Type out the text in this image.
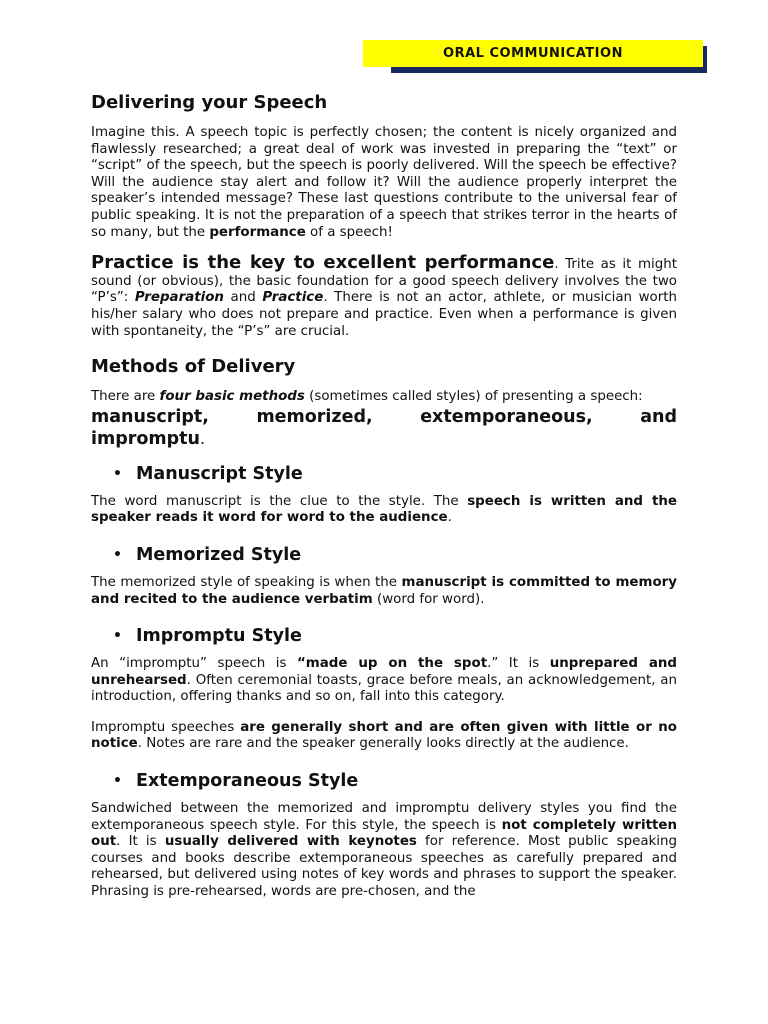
ORAL COMMUNICATION
Delivering your Speech

Imagine this. A speech topic is perfectly chosen; the content is nicely organized and flawlessly researched; a great deal of work was invested in preparing the “text” or “script” of the speech, but the speech is poorly delivered. Will the speech be effective? Will the audience stay alert and follow it? Will the audience properly interpret the speaker’s intended message? These last questions contribute to the universal fear of public speaking. It is not the preparation of a speech that strikes terror in the hearts of so many, but the performance of a speech!

Practice is the key to excellent performance. Trite as it might sound (or obvious), the basic foundation for a good speech delivery involves the two “P’s”: Preparation and Practice. There is not an actor, athlete, or musician worth his/her salary who does not prepare and practice. Even when a performance is given with spontaneity, the “P’s” are crucial.

Methods of Delivery

There are four basic methods (sometimes called styles) of presenting a speech:

manuscript, memorized, extemporaneous, and
impromptu.
• Manuscript Style

The word manuscript is the clue to the style. The speech is written and the speaker reads it word for word to the audience.

• Memorized Style

The memorized style of speaking is when the manuscript is committed to memory and recited to the audience verbatim (word for word).

• Impromptu Style

An “impromptu” speech is “made up on the spot.” It is unprepared and unrehearsed. Often ceremonial toasts, grace before meals, an acknowledgement, an introduction, offering thanks and so on, fall into this category.

Impromptu speeches are generally short and are often given with little or no notice. Notes are rare and the speaker generally looks directly at the audience.

• Extemporaneous Style

Sandwiched between the memorized and impromptu delivery styles you find the extemporaneous speech style. For this style, the speech is not completely written out. It is usually delivered with keynotes for reference. Most public speaking courses and books describe extemporaneous speeches as carefully prepared and rehearsed, but delivered using notes of key words and phrases to support the speaker. Phrasing is pre-rehearsed, words are pre-chosen, and the
